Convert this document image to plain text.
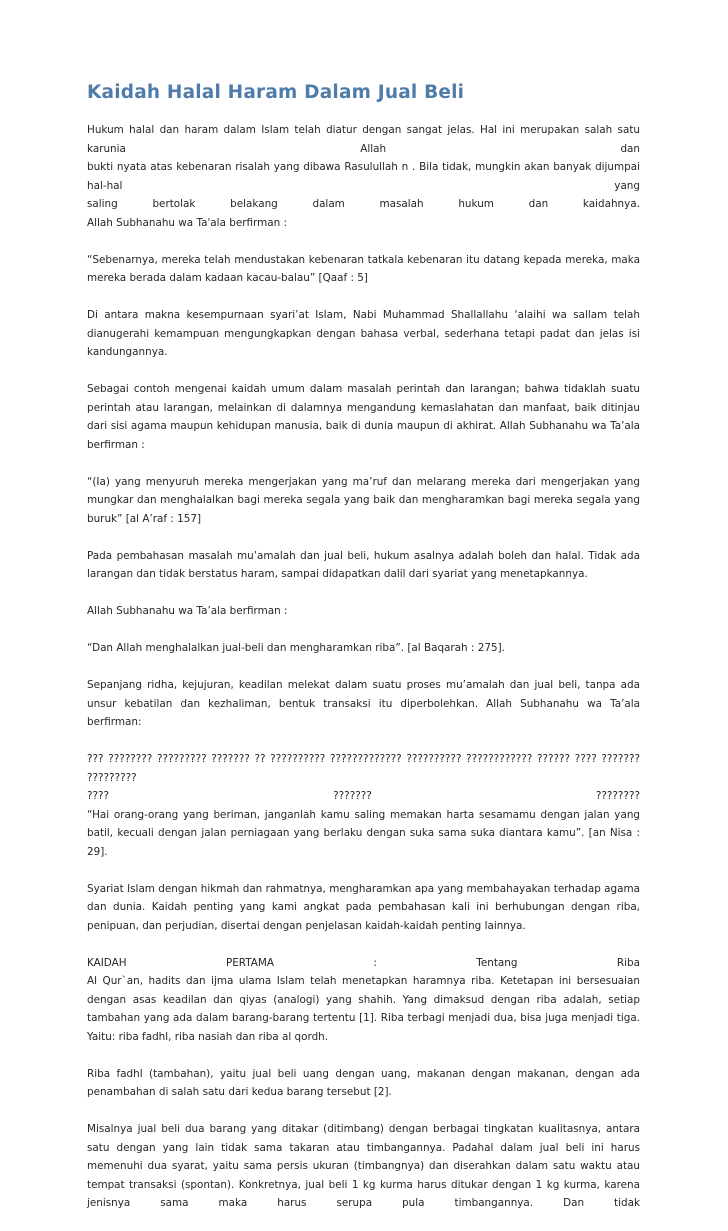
Kaidah Halal Haram Dalam Jual Beli

Hukum halal dan haram dalam Islam telah diatur dengan sangat jelas. Hal ini merupakan salah satu karunia Allah dan
bukti nyata atas kebenaran risalah yang dibawa Rasulullah n . Bila tidak, mungkin akan banyak dijumpai hal-hal yang
saling	bertolak	belakang	dalam	masalah	hukum	dan	kaidahnya.
Allah Subhanahu wa Ta'ala berfirman :

“Sebenarnya, mereka telah mendustakan kebenaran tatkala kebenaran itu datang kepada mereka, maka mereka berada dalam kadaan kacau-balau” [Qaaf : 5]

Di antara makna kesempurnaan syari’at Islam, Nabi Muhammad Shallallahu ‘alaihi wa sallam telah dianugerahi kemampuan mengungkapkan dengan bahasa verbal, sederhana tetapi padat dan jelas isi kandungannya.

Sebagai contoh mengenai kaidah umum dalam masalah perintah dan larangan; bahwa tidaklah suatu perintah atau larangan, melainkan di dalamnya mengandung kemaslahatan dan manfaat, baik ditinjau dari sisi agama maupun kehidupan manusia, baik di dunia maupun di akhirat. Allah Subhanahu wa Ta’ala berfirman :

“(Ia) yang menyuruh mereka mengerjakan yang ma’ruf dan melarang mereka dari mengerjakan yang mungkar dan menghalalkan bagi mereka segala yang baik dan mengharamkan bagi mereka segala yang buruk” [al A’raf : 157]

Pada pembahasan masalah mu’amalah dan jual beli, hukum asalnya adalah boleh dan halal. Tidak ada larangan dan tidak berstatus haram, sampai didapatkan dalil dari syariat yang menetapkannya.

Allah Subhanahu wa Ta’ala berfirman :

“Dan Allah menghalalkan jual-beli dan mengharamkan riba”. [al Baqarah : 275].

Sepanjang ridha, kejujuran, keadilan melekat dalam suatu proses mu’amalah dan jual beli, tanpa ada unsur kebatilan dan kezhaliman, bentuk transaksi itu diperbolehkan. Allah Subhanahu wa Ta’ala berfirman:

??? ???????? ????????? ??????? ?? ?????????? ????????????? ?????????? ???????????? ?????? ???? ??????? ?????????
????	???????	????????
“Hai orang-orang yang beriman, janganlah kamu saling memakan harta sesamamu dengan jalan yang batil, kecuali dengan jalan perniagaan yang berlaku dengan suka sama suka diantara kamu”. [an Nisa : 29].

Syariat Islam dengan hikmah dan rahmatnya, mengharamkan apa yang membahayakan terhadap agama dan dunia. Kaidah penting yang kami angkat pada pembahasan kali ini berhubungan dengan riba, penipuan, dan perjudian, disertai dengan penjelasan kaidah-kaidah penting lainnya.

KAIDAH	PERTAMA	:	Tentang	Riba
Al Qur`an, hadits dan ijma ulama Islam telah menetapkan haramnya riba. Ketetapan ini bersesuaian dengan asas keadilan dan qiyas (analogi) yang shahih. Yang dimaksud dengan riba adalah, setiap tambahan yang ada dalam barang-barang tertentu [1]. Riba terbagi menjadi dua, bisa juga menjadi tiga. Yaitu: riba fadhl, riba nasiah dan riba al qordh.

Riba fadhl (tambahan), yaitu jual beli uang dengan uang, makanan dengan makanan, dengan ada penambahan di salah satu dari kedua barang tersebut [2].

Misalnya jual beli dua barang yang ditakar (ditimbang) dengan berbagai tingkatan kualitasnya, antara satu dengan yang lain tidak sama takaran atau timbangannya. Padahal dalam jual beli ini harus memenuhi dua syarat, yaitu sama persis ukuran (timbangnya) dan diserahkan dalam satu waktu atau tempat transaksi (spontan). Konkretnya, jual beli 1 kg kurma harus ditukar dengan 1 kg kurma, karena jenisnya sama maka harus serupa pula timbangannya. Dan tidak
